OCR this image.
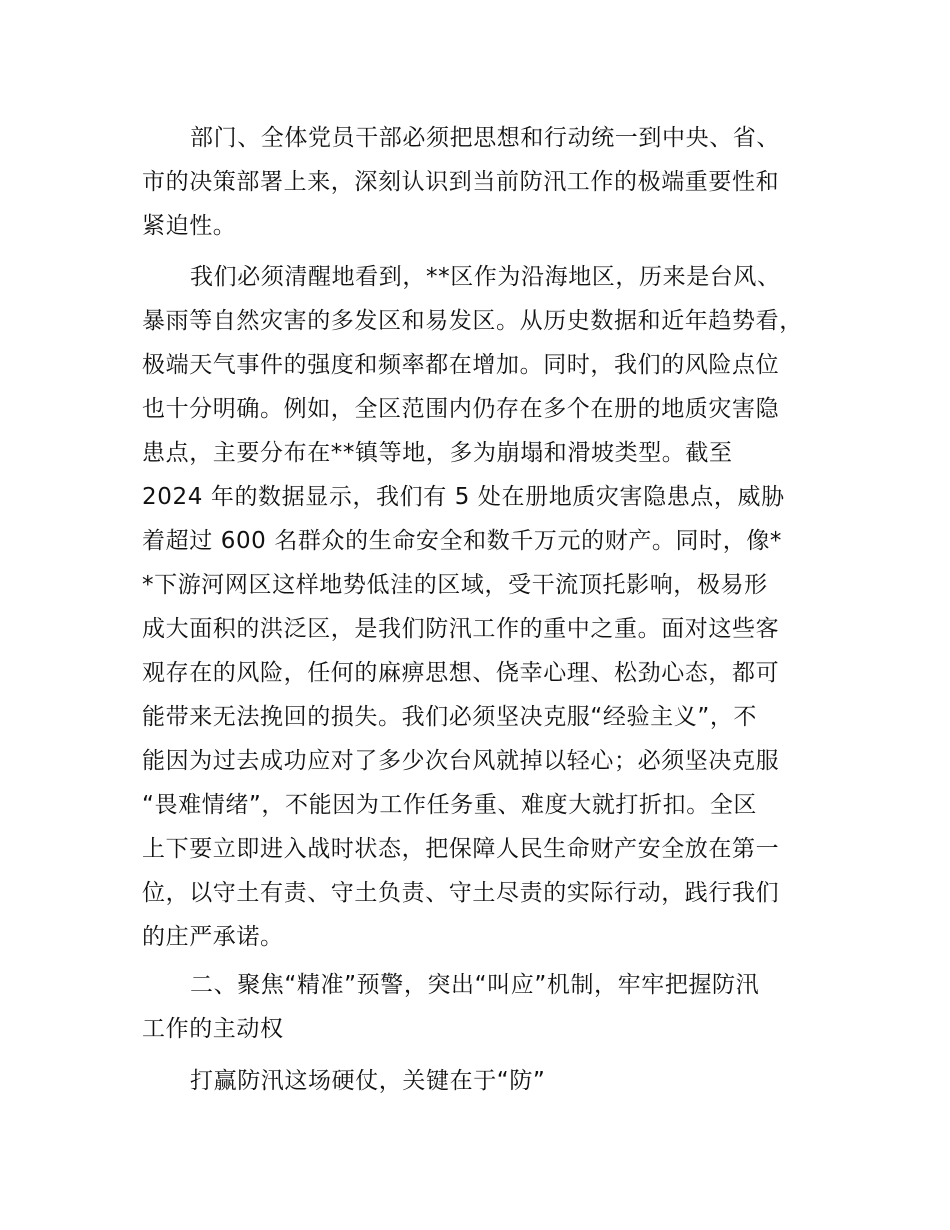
部门、全体党员干部必须把思想和行动统一到中央、省、
市的决策部署上来，深刻认识到当前防汛工作的极端重要性和
紧迫性。
我们必须清醒地看到，**区作为沿海地区，历来是台风、
暴雨等自然灾害的多发区和易发区。从历史数据和近年趋势看，
极端天气事件的强度和频率都在增加。同时，我们的风险点位
也十分明确。例如，全区范围内仍存在多个在册的地质灾害隐
患点，主要分布在**镇等地，多为崩塌和滑坡类型。截至
2024 年的数据显示，我们有 5 处在册地质灾害隐患点，威胁
着超过 600 名群众的生命安全和数千万元的财产。同时，像*
*下游河网区这样地势低洼的区域，受干流顶托影响，极易形
成大面积的洪泛区，是我们防汛工作的重中之重。面对这些客
观存在的风险，任何的麻痹思想、侥幸心理、松劲心态，都可
能带来无法挽回的损失。我们必须坚决克服“经验主义”，不
能因为过去成功应对了多少次台风就掉以轻心；必须坚决克服
“畏难情绪”，不能因为工作任务重、难度大就打折扣。全区
上下要立即进入战时状态，把保障人民生命财产安全放在第一
位，以守土有责、守土负责、守土尽责的实际行动，践行我们
的庄严承诺。
二、聚焦“精准”预警，突出“叫应”机制，牢牢把握防汛
工作的主动权
打赢防汛这场硬仗，关键在于“防”
